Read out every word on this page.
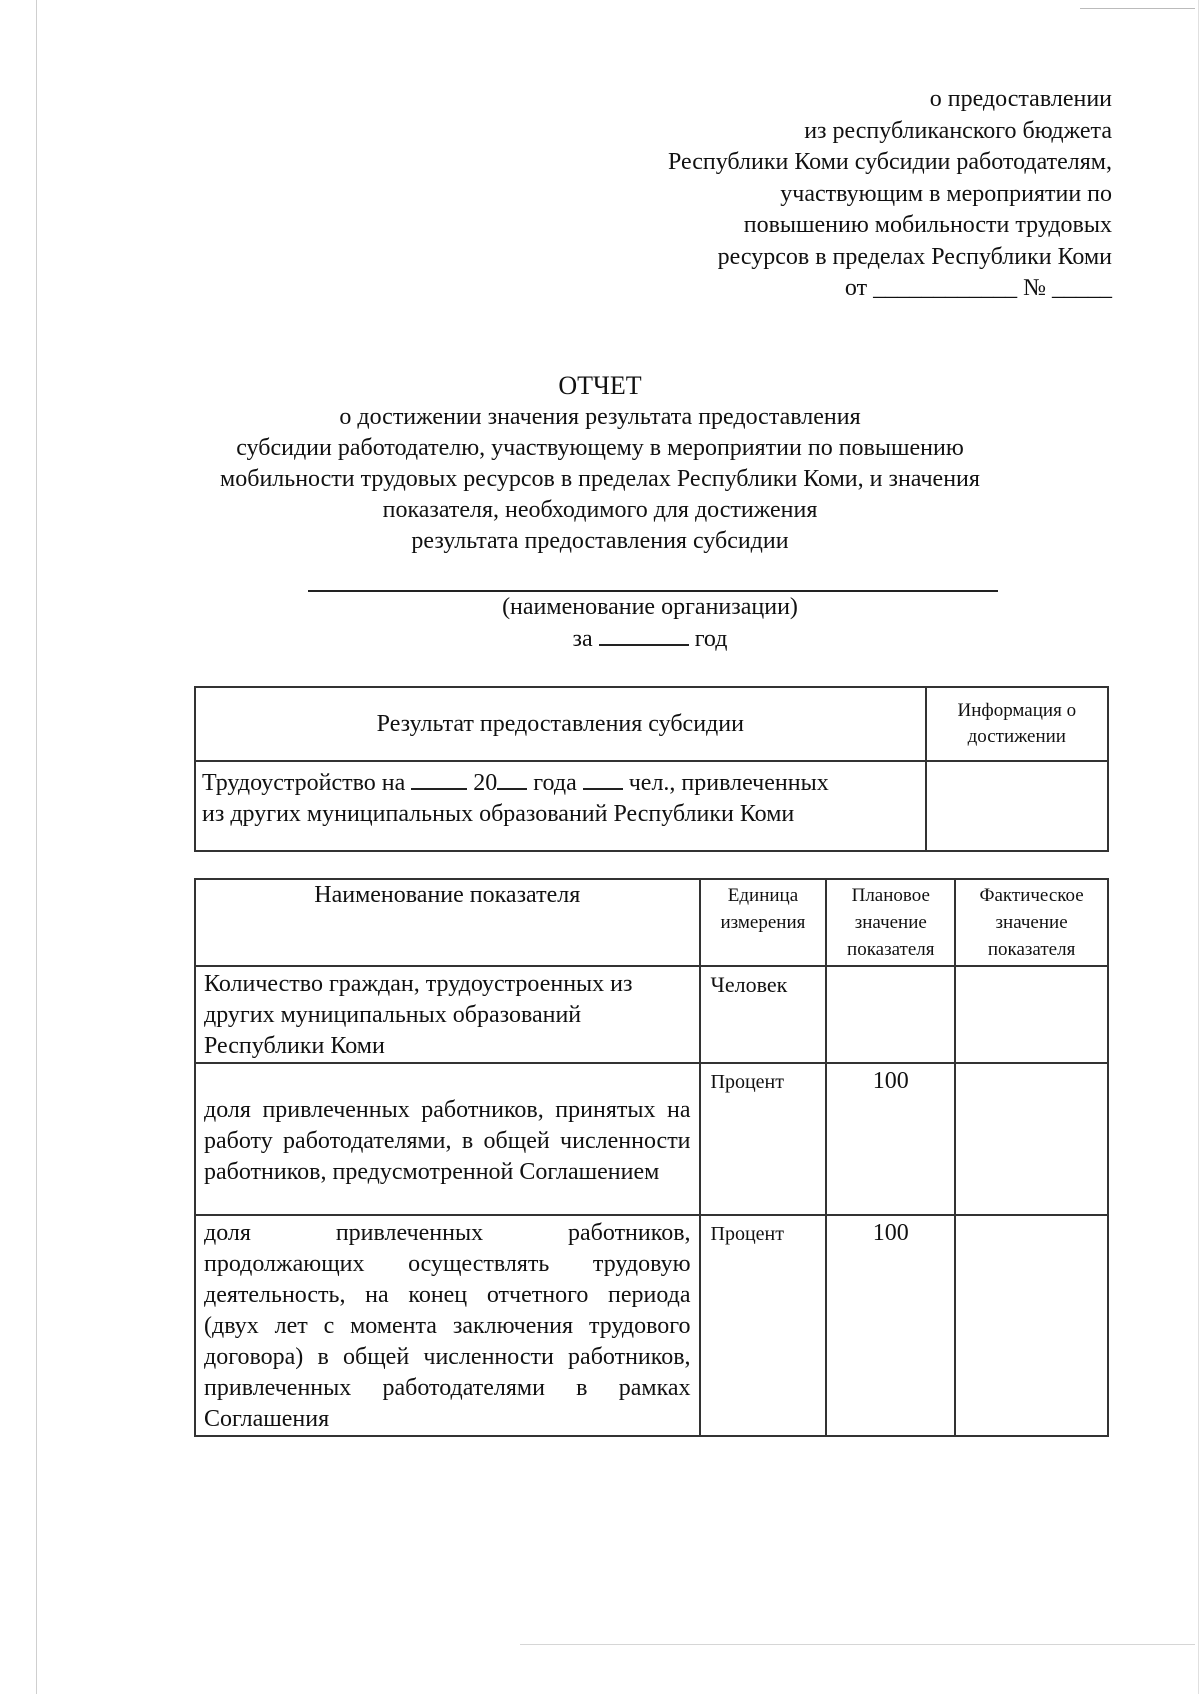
о предоставлении
из республиканского бюджета
Республики Коми субсидии работодателям,
участвующим в мероприятии по
повышению мобильности трудовых
ресурсов в пределах Республики Коми
от ____________ № _____
ОТЧЕТ
о достижении значения результата предоставления
субсидии работодателю, участвующему в мероприятии по повышению
мобильности трудовых ресурсов в пределах Республики Коми, и значения
показателя, необходимого для достижения
результата предоставления субсидии
(наименование организации)
за	год
Результат предоставления субсидии	Информация о достижении
Трудоустройство на 20 года чел., привлеченных
из других муниципальных образований Республики Коми	
Наименование показателя	Единица измерения	Плановое значение показателя	Фактическое значение показателя
Количество граждан, трудоустроенных из других муниципальных образований Республики Коми	Человек		
доля привлеченных работников, принятых на работу работодателями, в общей численности работников, предусмотренной Соглашением	Процент	100	
доля привлеченных работников, продолжающих осуществлять трудовую деятельность, на конец отчетного периода (двух лет с момента заключения трудового договора) в общей численности работников, привлеченных работодателями в рамках Соглашения	Процент	100	
